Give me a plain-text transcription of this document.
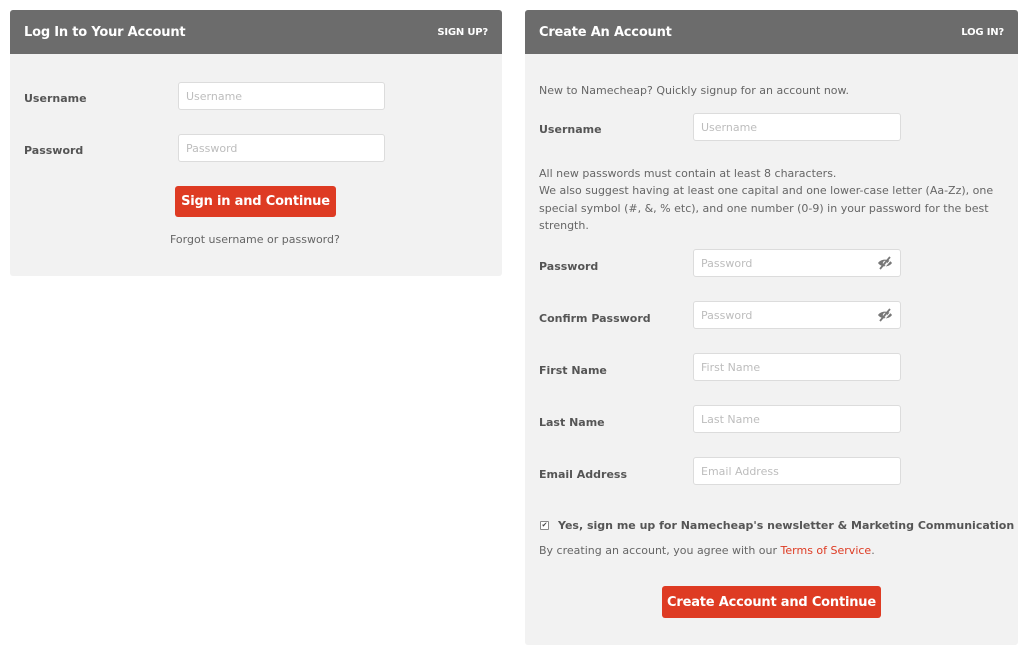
Log In to Your Account	SIGN UP?
Username	Username
Password	Password
Sign in and Continue
Forgot username or password?
Create An Account	LOG IN?
New to Namecheap? Quickly signup for an account now.
Username	Username
All new passwords must contain at least 8 characters.
We also suggest having at least one capital and one lower-case letter (Aa-Zz), one special symbol (#, &, % etc), and one number (0-9) in your password for the best strength.
Password	Password
Confirm Password	Password
First Name	First Name
Last Name	Last Name
Email Address	Email Address
✔ Yes, sign me up for Namecheap's newsletter & Marketing Communication
By creating an account, you agree with our Terms of Service.
Create Account and Continue
